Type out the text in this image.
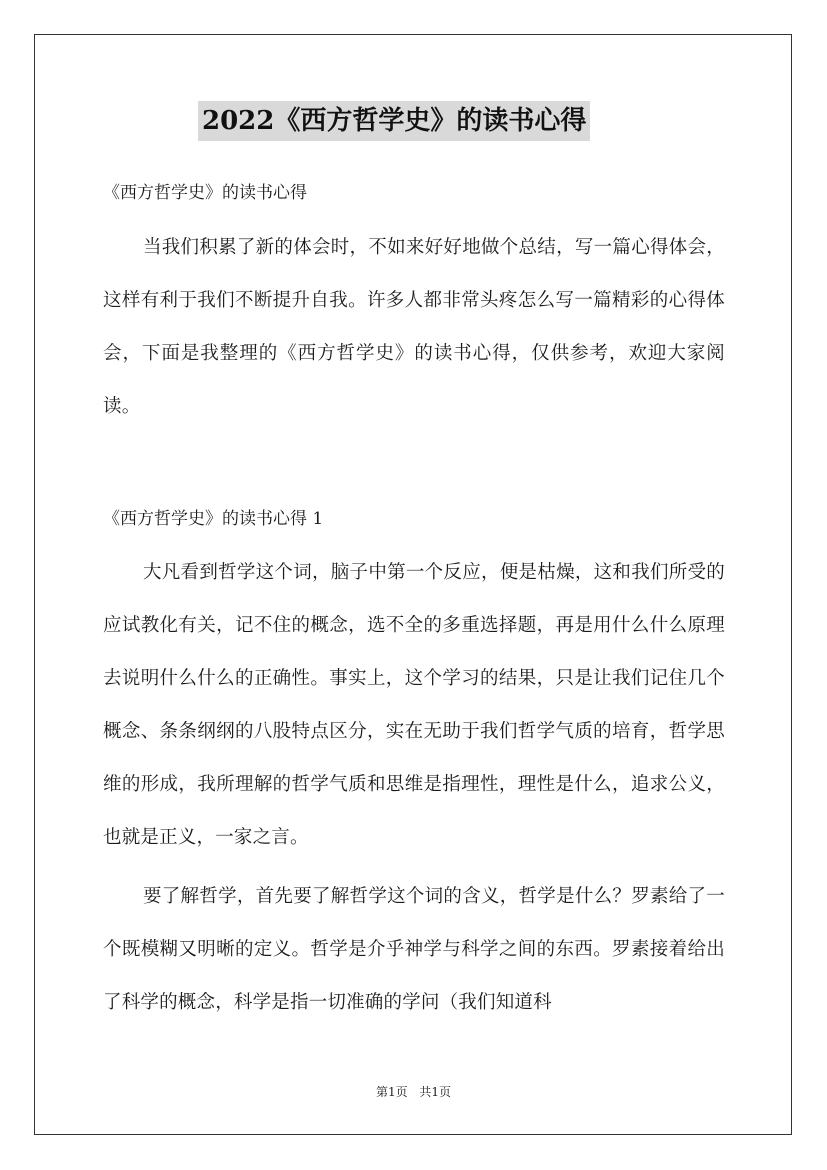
2022《西方哲学史》的读书心得
《西方哲学史》的读书心得

当我们积累了新的体会时，不如来好好地做个总结，写一篇心得体会，这样有利于我们不断提升自我。许多人都非常头疼怎么写一篇精彩的心得体会，下面是我整理的《西方哲学史》的读书心得，仅供参考，欢迎大家阅读。

《西方哲学史》的读书心得 1

大凡看到哲学这个词，脑子中第一个反应，便是枯燥，这和我们所受的应试教化有关，记不住的概念，选不全的多重选择题，再是用什么什么原理去说明什么什么的正确性。事实上，这个学习的结果，只是让我们记住几个概念、条条纲纲的八股特点区分，实在无助于我们哲学气质的培育，哲学思维的形成，我所理解的哲学气质和思维是指理性，理性是什么，追求公义，也就是正义，一家之言。

要了解哲学，首先要了解哲学这个词的含义，哲学是什么？罗素给了一个既模糊又明晰的定义。哲学是介乎神学与科学之间的东西。罗素接着给出了科学的概念，科学是指一切准确的学问（我们知道科

第1页 共1页
